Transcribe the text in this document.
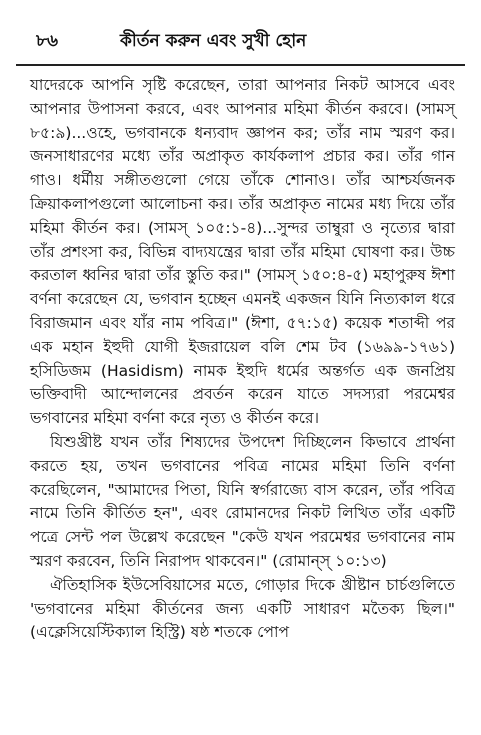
৮৬	কীর্তন করুন এবং সুখী হোন

যাদেরকে আপনি সৃষ্টি করেছেন, তারা আপনার নিকট আসবে এবং আপনার উপাসনা করবে, এবং আপনার মহিমা কীর্তন করবে। (সামস্ ৮৫:৯)...ওহে, ভগবানকে ধন্যবাদ জ্ঞাপন কর; তাঁর নাম স্মরণ কর। জনসাধারণের মধ্যে তাঁর অপ্রাকৃত কার্যকলাপ প্রচার কর। তাঁর গান গাও। ধর্মীয় সঙ্গীতগুলো গেয়ে তাঁকে শোনাও। তাঁর আশ্চর্যজনক ক্রিয়াকলাপগুলো আলোচনা কর। তাঁর অপ্রাকৃত নামের মধ্য দিয়ে তাঁর মহিমা কীর্তন কর। (সামস্ ১০৫:১-৪)...সুন্দর তাম্বুরা ও নৃত্যের দ্বারা তাঁর প্রশংসা কর, বিভিন্ন বাদ্যযন্ত্রের দ্বারা তাঁর মহিমা ঘোষণা কর। উচ্চ করতাল ধ্বনির দ্বারা তাঁর স্তুতি কর।" (সামস্ ১৫০:৪-৫) মহাপুরুষ ঈশা বর্ণনা করেছেন যে, ভগবান হচ্ছেন এমনই একজন যিনি নিত্যকাল ধরে বিরাজমান এবং যাঁর নাম পবিত্র।" (ঈশা, ৫৭:১৫) কয়েক শতাব্দী পর এক মহান ইহুদী যোগী ইজরায়েল বলি শেম টব (১৬৯৯-১৭৬১) হসিডিজম (Hasidism) নামক ইহুদি ধর্মের অন্তর্গত এক জনপ্রিয় ভক্তিবাদী আন্দোলনের প্রবর্তন করেন যাতে সদস্যরা পরমেশ্বর ভগবানের মহিমা বর্ণনা করে নৃত্য ও কীর্তন করে।

যিশুখ্রীষ্ট যখন তাঁর শিষ্যদের উপদেশ দিচ্ছিলেন কিভাবে প্রার্থনা করতে হয়, তখন ভগবানের পবিত্র নামের মহিমা তিনি বর্ণনা করেছিলেন, "আমাদের পিতা, যিনি স্বর্গরাজ্যে বাস করেন, তাঁর পবিত্র নামে তিনি কীর্তিত হন", এবং রোমানদের নিকট লিখিত তাঁর একটি পত্রে সেন্ট পল উল্লেখ করেছেন "কেউ যখন পরমেশ্বর ভগবানের নাম স্মরণ করবেন, তিনি নিরাপদ থাকবেন।" (রোমান্স্ ১০:১৩)

ঐতিহাসিক ইউসেবিয়াসের মতে, গোড়ার দিকে খ্রীষ্টান চার্চগুলিতে 'ভগবানের মহিমা কীর্তনের জন্য একটি সাধারণ মতৈক্য ছিল।" (এক্লেসিয়েস্টিক্যাল হিস্ট্রি) ষষ্ঠ শতকে পোপ
